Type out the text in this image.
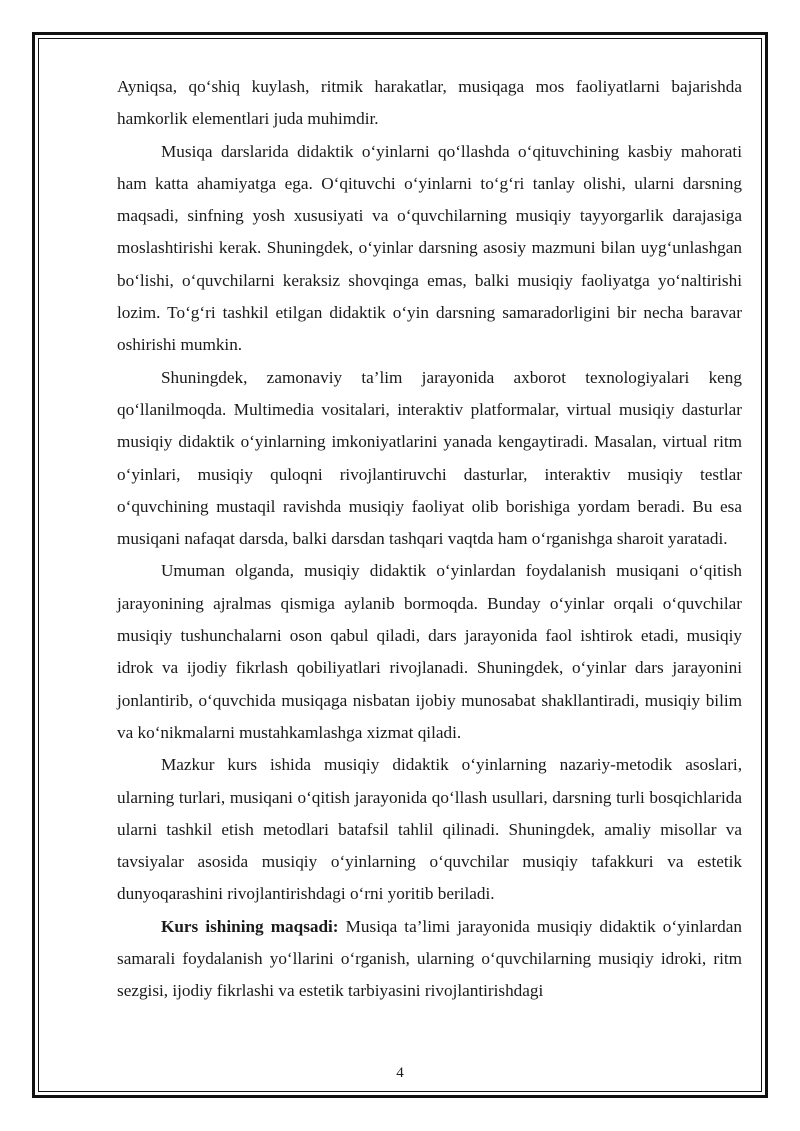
Ayniqsa, qo‘shiq kuylash, ritmik harakatlar, musiqaga mos faoliyatlarni bajarishda hamkorlik elementlari juda muhimdir.

Musiqa darslarida didaktik o‘yinlarni qo‘llashda o‘qituvchining kasbiy mahorati ham katta ahamiyatga ega. O‘qituvchi o‘yinlarni to‘g‘ri tanlay olishi, ularni darsning maqsadi, sinfning yosh xususiyati va o‘quvchilarning musiqiy tayyorgarlik darajasiga moslashtirishi kerak. Shuningdek, o‘yinlar darsning asosiy mazmuni bilan uyg‘unlashgan bo‘lishi, o‘quvchilarni keraksiz shovqinga emas, balki musiqiy faoliyatga yo‘naltirishi lozim. To‘g‘ri tashkil etilgan didaktik o‘yin darsning samaradorligini bir necha baravar oshirishi mumkin.

Shuningdek, zamonaviy ta’lim jarayonida axborot texnologiyalari keng qo‘llanilmoqda. Multimedia vositalari, interaktiv platformalar, virtual musiqiy dasturlar musiqiy didaktik o‘yinlarning imkoniyatlarini yanada kengaytiradi. Masalan, virtual ritm o‘yinlari, musiqiy quloqni rivojlantiruvchi dasturlar, interaktiv musiqiy testlar o‘quvchining mustaqil ravishda musiqiy faoliyat olib borishiga yordam beradi. Bu esa musiqani nafaqat darsda, balki darsdan tashqari vaqtda ham o‘rganishga sharoit yaratadi.

Umuman olganda, musiqiy didaktik o‘yinlardan foydalanish musiqani o‘qitish jarayonining ajralmas qismiga aylanib bormoqda. Bunday o‘yinlar orqali o‘quvchilar musiqiy tushunchalarni oson qabul qiladi, dars jarayonida faol ishtirok etadi, musiqiy idrok va ijodiy fikrlash qobiliyatlari rivojlanadi. Shuningdek, o‘yinlar dars jarayonini jonlantirib, o‘quvchida musiqaga nisbatan ijobiy munosabat shakllantiradi, musiqiy bilim va ko‘nikmalarni mustahkamlashga xizmat qiladi.

Mazkur kurs ishida musiqiy didaktik o‘yinlarning nazariy-metodik asoslari, ularning turlari, musiqani o‘qitish jarayonida qo‘llash usullari, darsning turli bosqichlarida ularni tashkil etish metodlari batafsil tahlil qilinadi. Shuningdek, amaliy misollar va tavsiyalar asosida musiqiy o‘yinlarning o‘quvchilar musiqiy tafakkuri va estetik dunyoqarashini rivojlantirishdagi o‘rni yoritib beriladi.

Kurs ishining maqsadi: Musiqa ta’limi jarayonida musiqiy didaktik o‘yinlardan samarali foydalanish yo‘llarini o‘rganish, ularning o‘quvchilarning musiqiy idroki, ritm sezgisi, ijodiy fikrlashi va estetik tarbiyasini rivojlantirishdagi

4
